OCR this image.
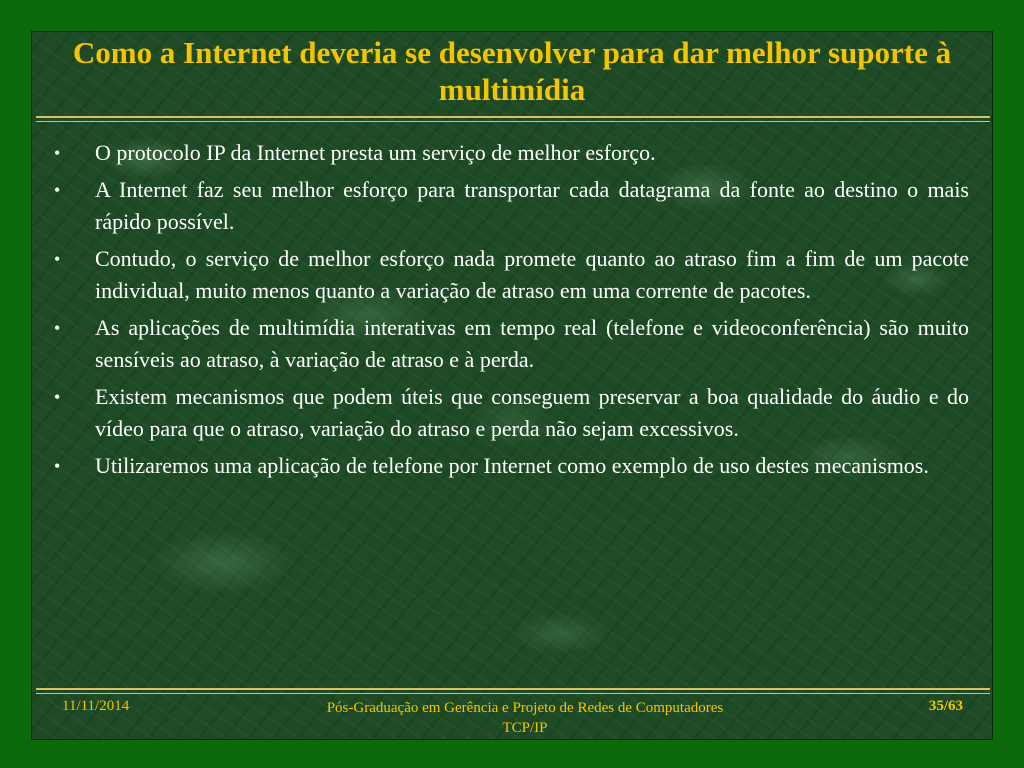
Como a Internet deveria se desenvolver para dar melhor suporte à multimídia
• O protocolo IP da Internet presta um serviço de melhor esforço.
• A Internet faz seu melhor esforço para transportar cada datagrama da fonte ao destino o mais rápido possível.
• Contudo, o serviço de melhor esforço nada promete quanto ao atraso fim a fim de um pacote individual, muito menos quanto a variação de atraso em uma corrente de pacotes.
• As aplicações de multimídia interativas em tempo real (telefone e videoconferência) são muito sensíveis ao atraso, à variação de atraso e à perda.
• Existem mecanismos que podem úteis que conseguem preservar a boa qualidade do áudio e do vídeo para que o atraso, variação do atraso e perda não sejam excessivos.
• Utilizaremos uma aplicação de telefone por Internet como exemplo de uso destes mecanismos.
11/11/2014	Pós-Graduação em Gerência e Projeto de Redes de Computadores
TCP/IP
35/63
